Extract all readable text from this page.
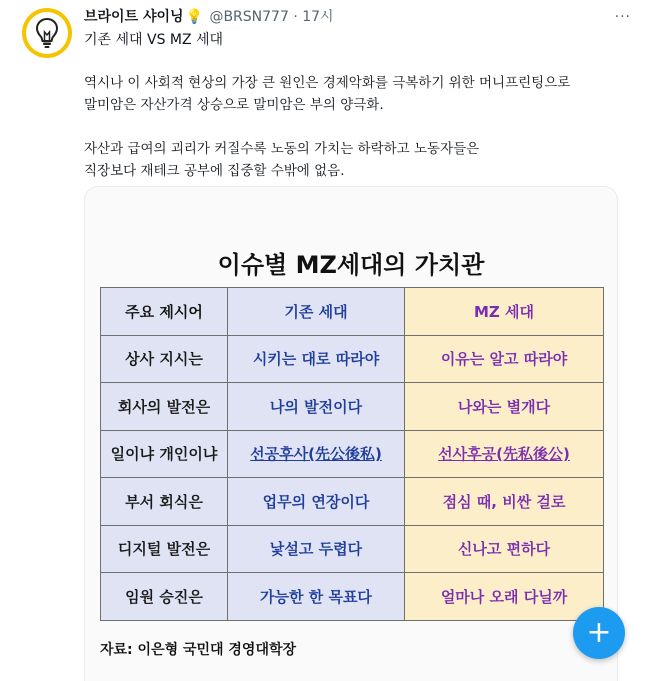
브라이트 샤이닝 💡 @BRSN777 · 17시	···
기존 세대 VS MZ 세대
역시나 이 사회적 현상의 가장 큰 원인은 경제악화를 극복하기 위한 머니프린팅으로
말미암은 자산가격 상승으로 말미암은 부의 양극화.

자산과 급여의 괴리가 커질수록 노동의 가치는 하락하고 노동자들은
직장보다 재테크 공부에 집중할 수밖에 없음.
이슈별 MZ세대의 가치관
주요 제시어	기존 세대	MZ 세대
상사 지시는	시키는 대로 따라야	이유는 알고 따라야
회사의 발전은	나의 발전이다	나와는 별개다
일이냐 개인이냐	선공후사(先公後私)	선사후공(先私後公)
부서 회식은	업무의 연장이다	점심 때, 비싼 걸로
디지털 발전은	낯설고 두렵다	신나고 편하다
임원 승진은	가능한 한 목표다	얼마나 오래 다닐까
자료: 이은형 국민대 경영대학장	+
